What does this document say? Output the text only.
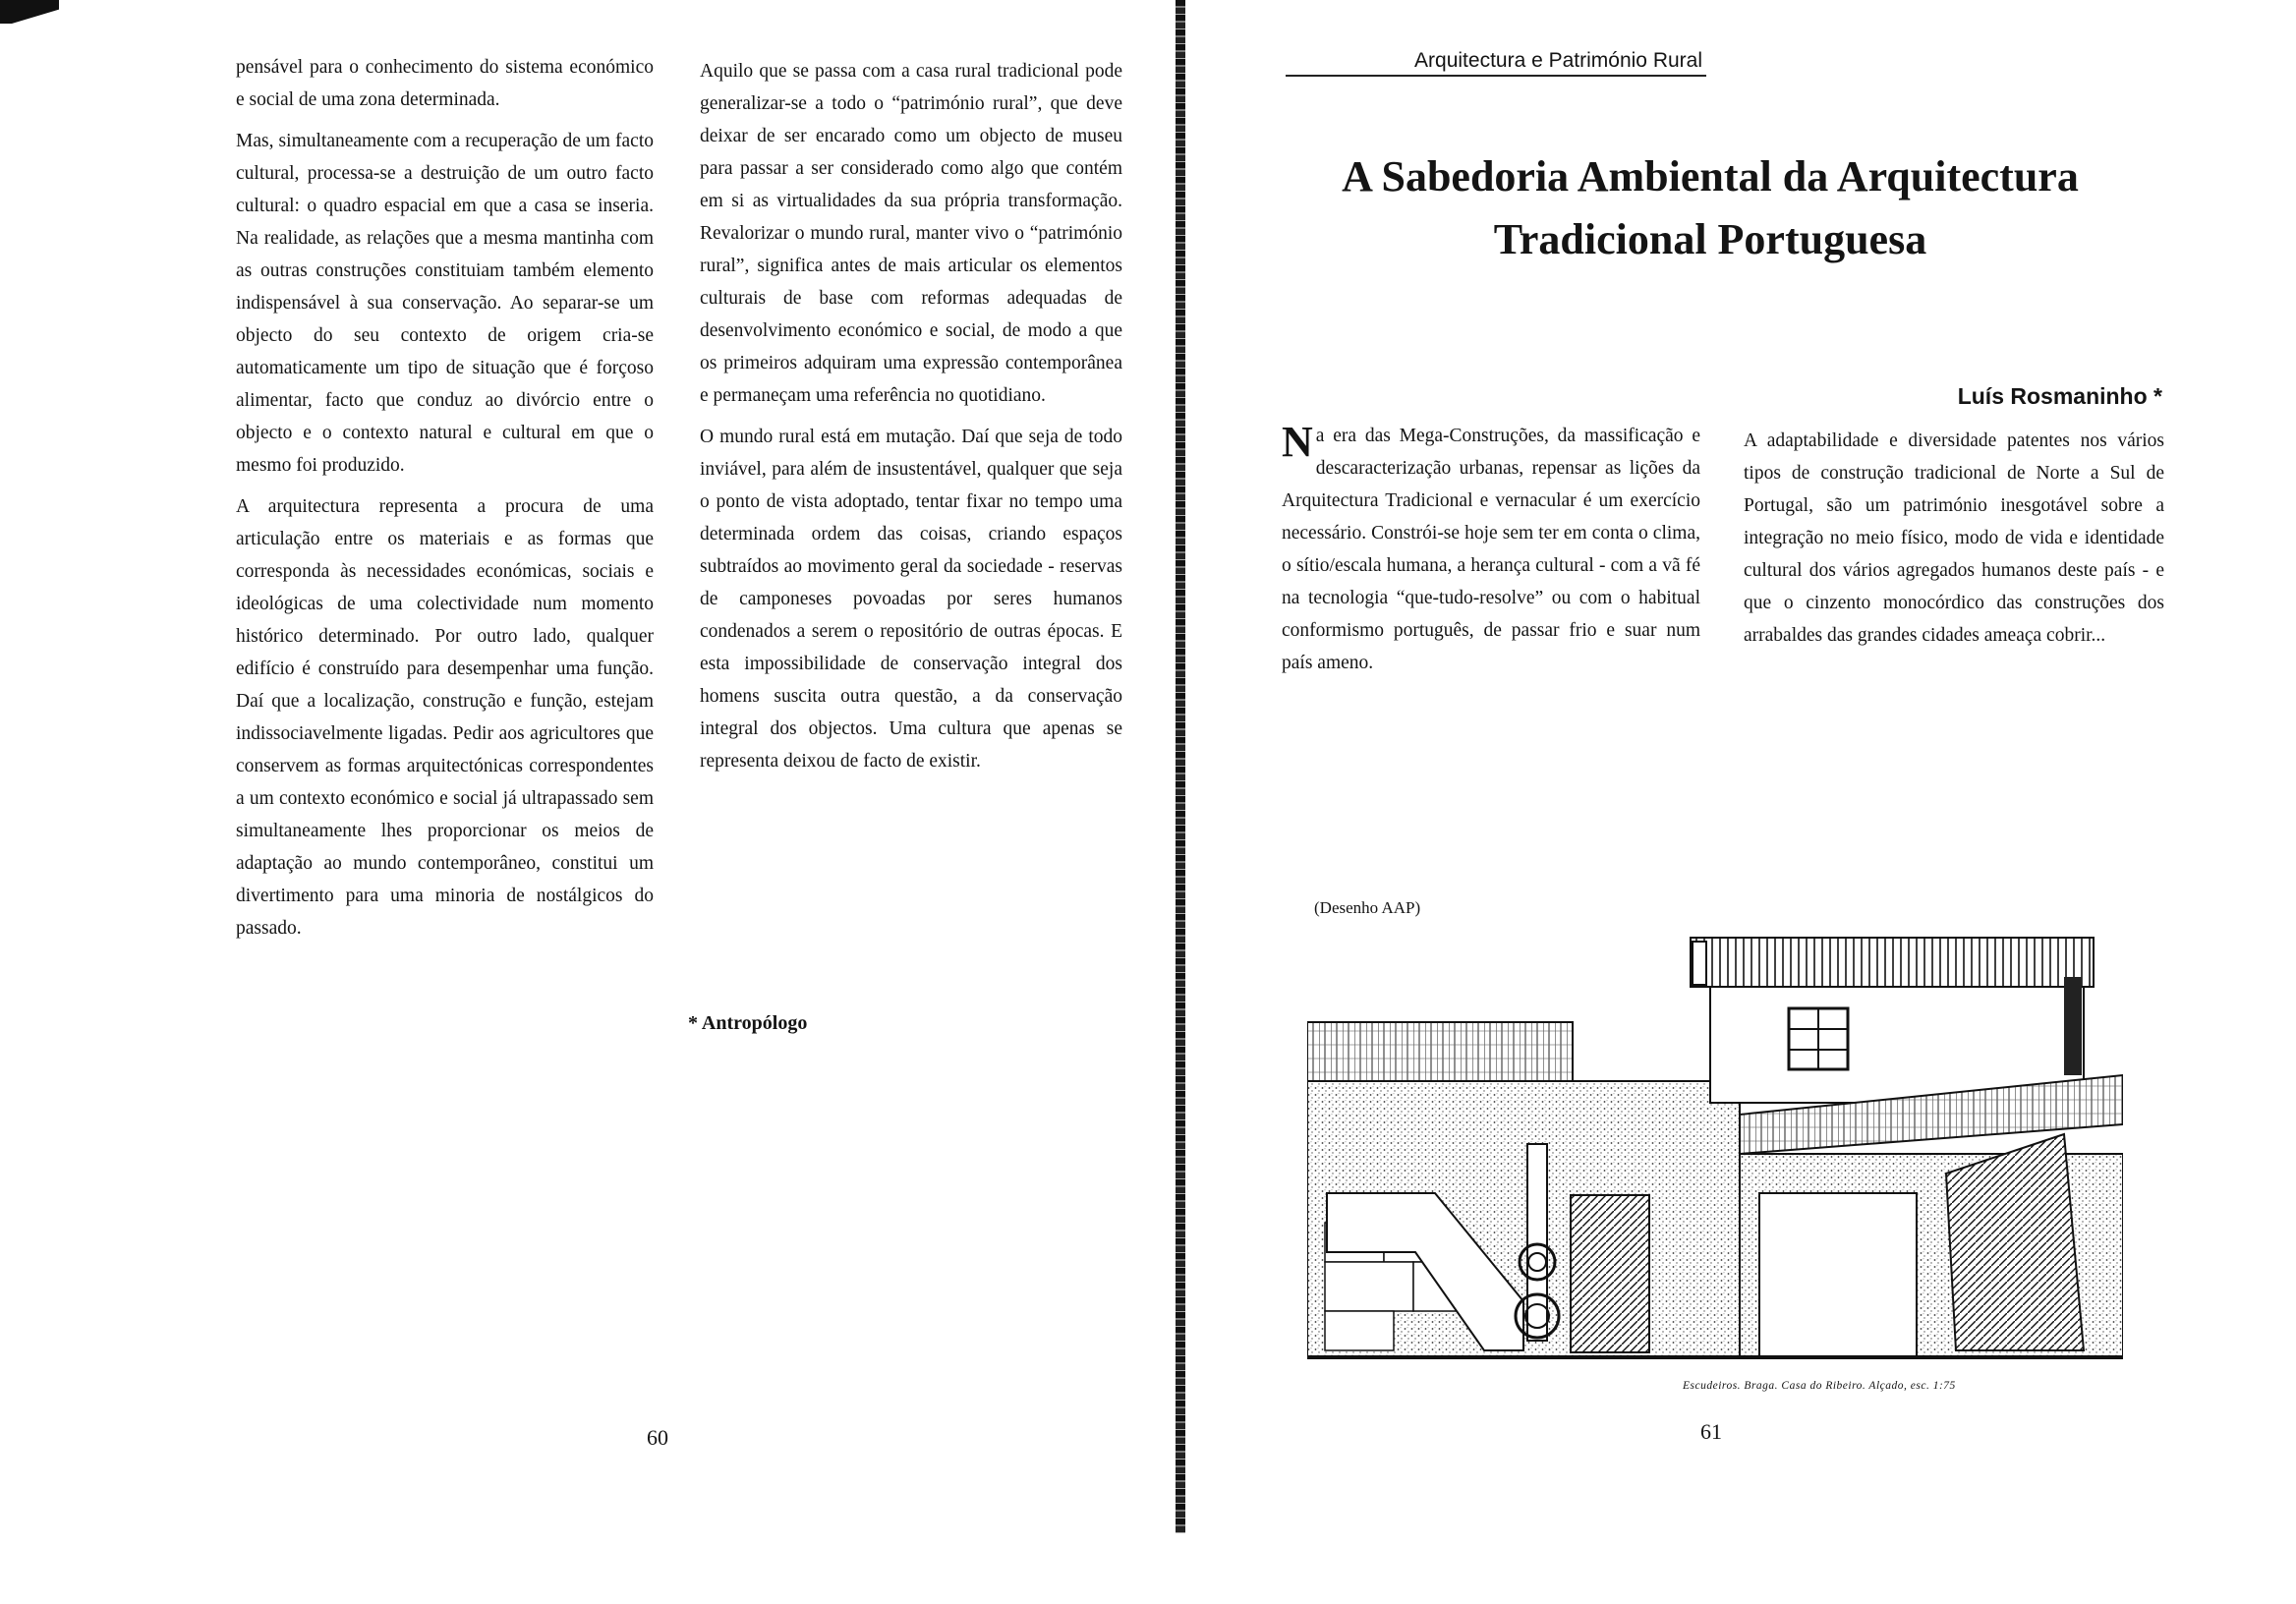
pensável para o conhecimento do sistema económico e social de uma zona determinada.

Mas, simultaneamente com a recuperação de um facto cultural, processa-se a destruição de um outro facto cultural: o quadro espacial em que a casa se inseria. Na realidade, as relações que a mesma mantinha com as outras construções constituiam também elemento indispensável à sua conservação. Ao separar-se um objecto do seu contexto de origem cria-se automaticamente um tipo de situação que é forçoso alimentar, facto que conduz ao divórcio entre o objecto e o contexto natural e cultural em que o mesmo foi produzido.

A arquitectura representa a procura de uma articulação entre os materiais e as formas que corresponda às necessidades económicas, sociais e ideológicas de uma colectividade num momento histórico determinado. Por outro lado, qualquer edifício é construído para desempenhar uma função. Daí que a localização, construção e função, estejam indissociavelmente ligadas. Pedir aos agricultores que conservem as formas arquitectónicas correspondentes a um contexto económico e social já ultrapassado sem simultaneamente lhes proporcionar os meios de adaptação ao mundo contemporâneo, constitui um divertimento para uma minoria de nostálgicos do passado.

Aquilo que se passa com a casa rural tradicional pode generalizar-se a todo o “património rural”, que deve deixar de ser encarado como um objecto de museu para passar a ser considerado como algo que contém em si as virtualidades da sua própria transformação. Revalorizar o mundo rural, manter vivo o “património rural”, significa antes de mais articular os elementos culturais de base com reformas adequadas de desenvolvimento económico e social, de modo a que os primeiros adquiram uma expressão contemporânea e permaneçam uma referência no quotidiano.

O mundo rural está em mutação. Daí que seja de todo inviável, para além de insustentável, qualquer que seja o ponto de vista adoptado, tentar fixar no tempo uma determinada ordem das coisas, criando espaços subtraídos ao movimento geral da sociedade - reservas de camponeses povoadas por seres humanos condenados a serem o repositório de outras épocas. E esta impossibilidade de conservação integral dos homens suscita outra questão, a da conservação integral dos objectos. Uma cultura que apenas se representa deixou de facto de existir.

* Antropólogo
60
Arquitectura e Património Rural
A Sabedoria Ambiental da Arquitectura
Tradicional Portuguesa
Luís Rosmaninho *

Na era das Mega-Construções, da massificação e descaracterização urbanas, repensar as lições da Arquitectura Tradicional e vernacular é um exercício necessário. Constrói-se hoje sem ter em conta o clima, o sítio/escala humana, a herança cultural - com a vã fé na tecnologia “que-tudo-resolve” ou com o habitual conformismo português, de passar frio e suar num país ameno.

A adaptabilidade e diversidade patentes nos vários tipos de construção tradicional de Norte a Sul de Portugal, são um património inesgotável sobre a integração no meio físico, modo de vida e identidade cultural dos vários agregados humanos deste país - e que o cinzento monocórdico das construções dos arrabaldes das grandes cidades ameaça cobrir...

(Desenho AAP)
Escudeiros. Braga. Casa do Ribeiro. Alçado, esc. 1:75
61
